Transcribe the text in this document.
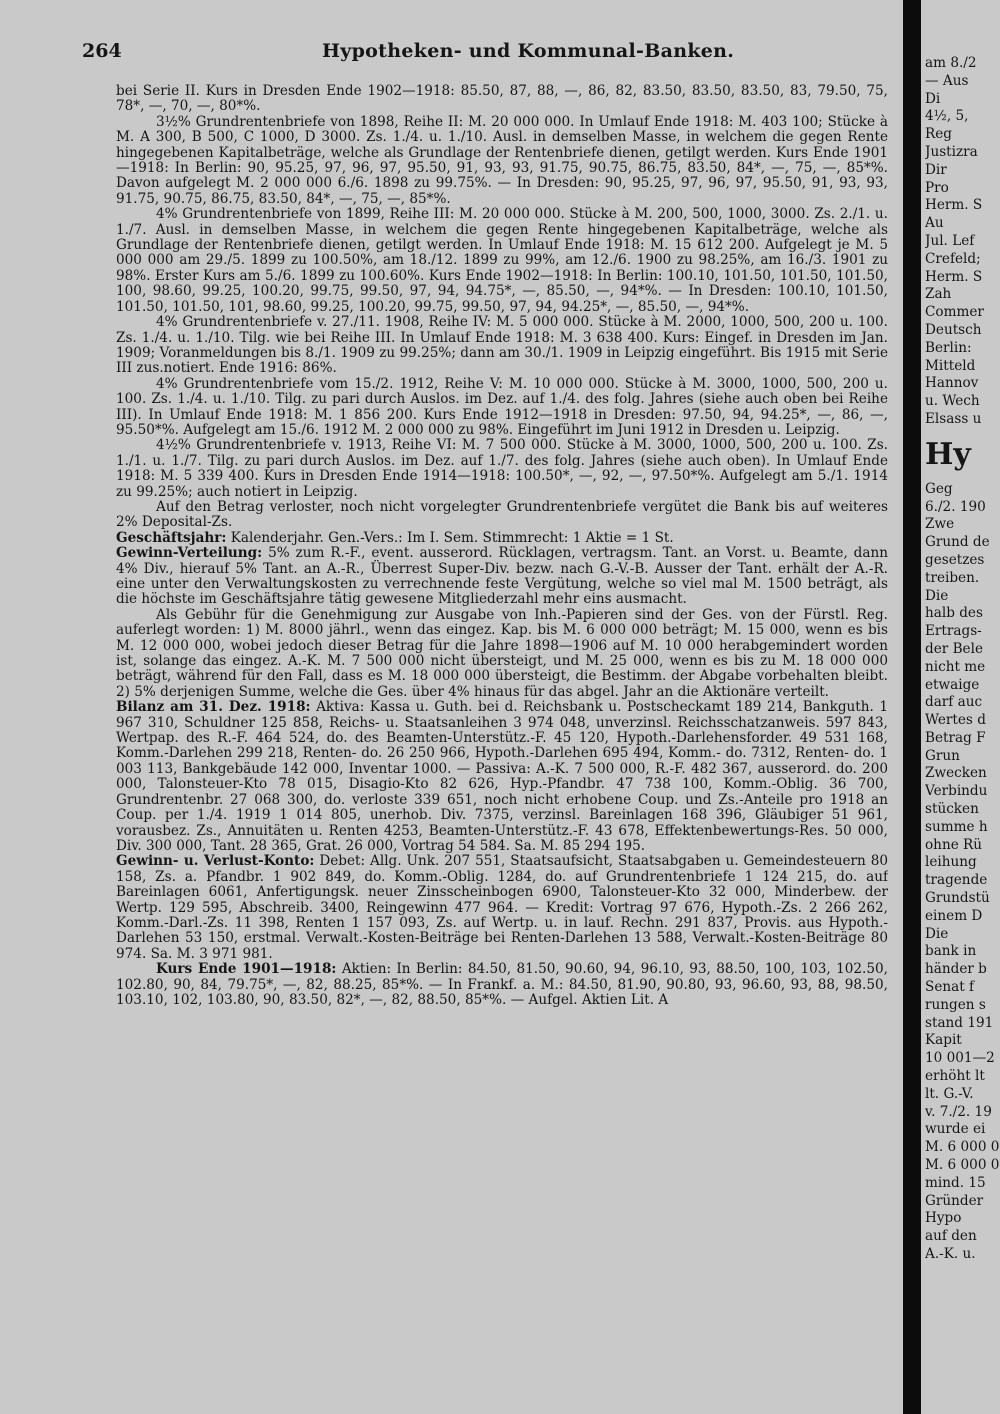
264	Hypotheken- und Kommunal-Banken.

bei Serie II. Kurs in Dresden Ende 1902—1918: 85.50, 87, 88, —, 86, 82, 83.50, 83.50, 83.50, 83, 79.50, 75, 78*, —, 70, —, 80*%.

3½% Grundrentenbriefe von 1898, Reihe II: M. 20 000 000. In Umlauf Ende 1918: M. 403 100; Stücke à M. A 300, B 500, C 1000, D 3000. Zs. 1./4. u. 1./10. Ausl. in demselben Masse, in welchem die gegen Rente hingegebenen Kapitalbeträge, welche als Grundlage der Rentenbriefe dienen, getilgt werden. Kurs Ende 1901—1918: In Berlin: 90, 95.25, 97, 96, 97, 95.50, 91, 93, 93, 91.75, 90.75, 86.75, 83.50, 84*, —, 75, —, 85*%. Davon aufgelegt M. 2 000 000 6./6. 1898 zu 99.75%. — In Dresden: 90, 95.25, 97, 96, 97, 95.50, 91, 93, 93, 91.75, 90.75, 86.75, 83.50, 84*, —, 75, —, 85*%.

4% Grundrentenbriefe von 1899, Reihe III: M. 20 000 000. Stücke à M. 200, 500, 1000, 3000. Zs. 2./1. u. 1./7. Ausl. in demselben Masse, in welchem die gegen Rente hingegebenen Kapitalbeträge, welche als Grundlage der Rentenbriefe dienen, getilgt werden. In Umlauf Ende 1918: M. 15 612 200. Aufgelegt je M. 5 000 000 am 29./5. 1899 zu 100.50%, am 18./12. 1899 zu 99%, am 12./6. 1900 zu 98.25%, am 16./3. 1901 zu 98%. Erster Kurs am 5./6. 1899 zu 100.60%. Kurs Ende 1902—1918: In Berlin: 100.10, 101.50, 101.50, 101.50, 100, 98.60, 99.25, 100.20, 99.75, 99.50, 97, 94, 94.75*, —, 85.50, —, 94*%. — In Dresden: 100.10, 101.50, 101.50, 101.50, 101, 98.60, 99.25, 100.20, 99.75, 99.50, 97, 94, 94.25*, —, 85.50, —, 94*%.

4% Grundrentenbriefe v. 27./11. 1908, Reihe IV: M. 5 000 000. Stücke à M. 2000, 1000, 500, 200 u. 100. Zs. 1./4. u. 1./10. Tilg. wie bei Reihe III. In Umlauf Ende 1918: M. 3 638 400. Kurs: Eingef. in Dresden im Jan. 1909; Voranmeldungen bis 8./1. 1909 zu 99.25%; dann am 30./1. 1909 in Leipzig eingeführt. Bis 1915 mit Serie III zus.notiert. Ende 1916: 86%.

4% Grundrentenbriefe vom 15./2. 1912, Reihe V: M. 10 000 000. Stücke à M. 3000, 1000, 500, 200 u. 100. Zs. 1./4. u. 1./10. Tilg. zu pari durch Auslos. im Dez. auf 1./4. des folg. Jahres (siehe auch oben bei Reihe III). In Umlauf Ende 1918: M. 1 856 200. Kurs Ende 1912—1918 in Dresden: 97.50, 94, 94.25*, —, 86, —, 95.50*%. Aufgelegt am 15./6. 1912 M. 2 000 000 zu 98%. Eingeführt im Juni 1912 in Dresden u. Leipzig.

4½% Grundrentenbriefe v. 1913, Reihe VI: M. 7 500 000. Stücke à M. 3000, 1000, 500, 200 u. 100. Zs. 1./1. u. 1./7. Tilg. zu pari durch Auslos. im Dez. auf 1./7. des folg. Jahres (siehe auch oben). In Umlauf Ende 1918: M. 5 339 400. Kurs in Dresden Ende 1914—1918: 100.50*, —, 92, —, 97.50*%. Aufgelegt am 5./1. 1914 zu 99.25%; auch notiert in Leipzig.

Auf den Betrag verloster, noch nicht vorgelegter Grundrentenbriefe vergütet die Bank bis auf weiteres 2% Deposital-Zs.

Geschäftsjahr: Kalenderjahr. Gen.-Vers.: Im I. Sem. Stimmrecht: 1 Aktie = 1 St.

Gewinn-Verteilung: 5% zum R.-F., event. ausserord. Rücklagen, vertragsm. Tant. an Vorst. u. Beamte, dann 4% Div., hierauf 5% Tant. an A.-R., Überrest Super-Div. bezw. nach G.-V.-B. Ausser der Tant. erhält der A.-R. eine unter den Verwaltungskosten zu verrechnende feste Vergütung, welche so viel mal M. 1500 beträgt, als die höchste im Geschäftsjahre tätig gewesene Mitgliederzahl mehr eins ausmacht.

Als Gebühr für die Genehmigung zur Ausgabe von Inh.-Papieren sind der Ges. von der Fürstl. Reg. auferlegt worden: 1) M. 8000 jährl., wenn das eingez. Kap. bis M. 6 000 000 beträgt; M. 15 000, wenn es bis M. 12 000 000, wobei jedoch dieser Betrag für die Jahre 1898—1906 auf M. 10 000 herabgemindert worden ist, solange das eingez. A.-K. M. 7 500 000 nicht übersteigt, und M. 25 000, wenn es bis zu M. 18 000 000 beträgt, während für den Fall, dass es M. 18 000 000 übersteigt, die Bestimm. der Abgabe vorbehalten bleibt. 2) 5% derjenigen Summe, welche die Ges. über 4% hinaus für das abgel. Jahr an die Aktionäre verteilt.

Bilanz am 31. Dez. 1918: Aktiva: Kassa u. Guth. bei d. Reichsbank u. Postscheckamt 189 214, Bankguth. 1 967 310, Schuldner 125 858, Reichs- u. Staatsanleihen 3 974 048, unverzinsl. Reichsschatzanweis. 597 843, Wertpap. des R.-F. 464 524, do. des Beamten-Unterstütz.-F. 45 120, Hypoth.-Darlehensforder. 49 531 168, Komm.-Darlehen 299 218, Renten- do. 26 250 966, Hypoth.-Darlehen 695 494, Komm.- do. 7312, Renten- do. 1 003 113, Bankgebäude 142 000, Inventar 1000. — Passiva: A.-K. 7 500 000, R.-F. 482 367, ausserord. do. 200 000, Talonsteuer-Kto 78 015, Disagio-Kto 82 626, Hyp.-Pfandbr. 47 738 100, Komm.-Oblig. 36 700, Grundrentenbr. 27 068 300, do. verloste 339 651, noch nicht erhobene Coup. und Zs.-Anteile pro 1918 an Coup. per 1./4. 1919 1 014 805, unerhob. Div. 7375, verzinsl. Bareinlagen 168 396, Gläubiger 51 961, vorausbez. Zs., Annuitäten u. Renten 4253, Beamten-Unterstütz.-F. 43 678, Effektenbewertungs-Res. 50 000, Div. 300 000, Tant. 28 365, Grat. 26 000, Vortrag 54 584. Sa. M. 85 294 195.

Gewinn- u. Verlust-Konto: Debet: Allg. Unk. 207 551, Staatsaufsicht, Staatsabgaben u. Gemeindesteuern 80 158, Zs. a. Pfandbr. 1 902 849, do. Komm.-Oblig. 1284, do. auf Grundrentenbriefe 1 124 215, do. auf Bareinlagen 6061, Anfertigungsk. neuer Zinsscheinbogen 6900, Talonsteuer-Kto 32 000, Minderbew. der Wertp. 129 595, Abschreib. 3400, Reingewinn 477 964. — Kredit: Vortrag 97 676, Hypoth.-Zs. 2 266 262, Komm.-Darl.-Zs. 11 398, Renten 1 157 093, Zs. auf Wertp. u. in lauf. Rechn. 291 837, Provis. aus Hypoth.-Darlehen 53 150, erstmal. Verwalt.-Kosten-Beiträge bei Renten-Darlehen 13 588, Verwalt.-Kosten-Beiträge 80 974. Sa. M. 3 971 981.

Kurs Ende 1901—1918: Aktien: In Berlin: 84.50, 81.50, 90.60, 94, 96.10, 93, 88.50, 100, 103, 102.50, 102.80, 90, 84, 79.75*, —, 82, 88.25, 85*%. — In Frankf. a. M.: 84.50, 81.90, 90.80, 93, 96.60, 93, 88, 98.50, 103.10, 102, 103.80, 90, 83.50, 82*, —, 82, 88.50, 85*%. — Aufgel. Aktien Lit. A

am 8./2
— Aus
Di
4½, 5,
Reg
Justizra
Dir
Pro
Herm. S
Au
Jul. Lef
Crefeld;
Herm. S
Zah
Commer
Deutsch
Berlin:
Mitteld
Hannov
u. Wech
Elsass u
Hy
Geg
6./2. 190
Zwe
Grund de
gesetzes
treiben.
Die
halb des
Ertrags-
der Bele
nicht me
etwaige
darf auc
Wertes d
Betrag F
Grun
Zwecken
Verbindu
stücken
summe h
ohne Rü
leihung
tragende
Grundstü
einem D
Die
bank in
händer b
Senat f
rungen s
stand 191
Kapit
10 001—2
erhöht lt
lt. G.-V.
v. 7./2. 19
wurde ei
M. 6 000 0
M. 6 000 0
mind. 15
Gründer
Hypo
auf den
A.-K. u.
